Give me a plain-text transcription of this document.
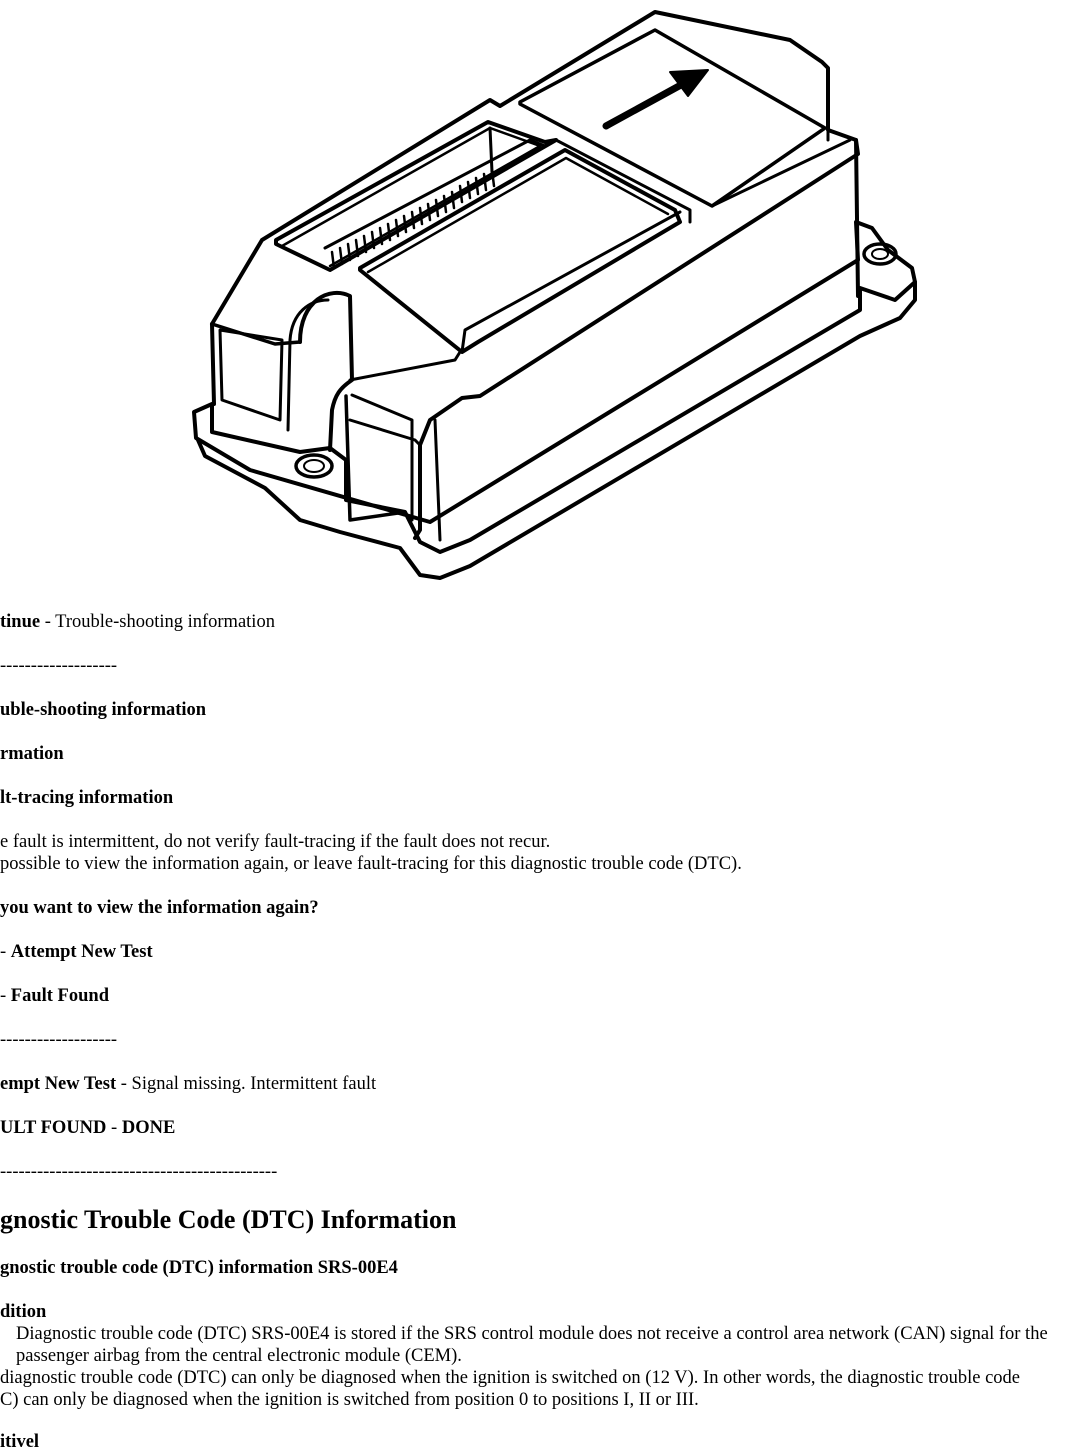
tinue - Trouble-shooting information
-------------------
uble-shooting information
rmation
lt-tracing information
e fault is intermittent, do not verify fault-tracing if the fault does not recur.
possible to view the information again, or leave fault-tracing for this diagnostic trouble code (DTC).
you want to view the information again?
- Attempt New Test
- Fault Found
-------------------
empt New Test - Signal missing. Intermittent fault
ULT FOUND - DONE
---------------------------------------------
gnostic Trouble Code (DTC) Information
gnostic trouble code (DTC) information SRS-00E4
dition
Diagnostic trouble code (DTC) SRS-00E4 is stored if the SRS control module does not receive a control area network (CAN) signal for the
passenger airbag from the central electronic module (CEM).
diagnostic trouble code (DTC) can only be diagnosed when the ignition is switched on (12 V). In other words, the diagnostic trouble code
C) can only be diagnosed when the ignition is switched from position 0 to positions I, II or III.
itivel
